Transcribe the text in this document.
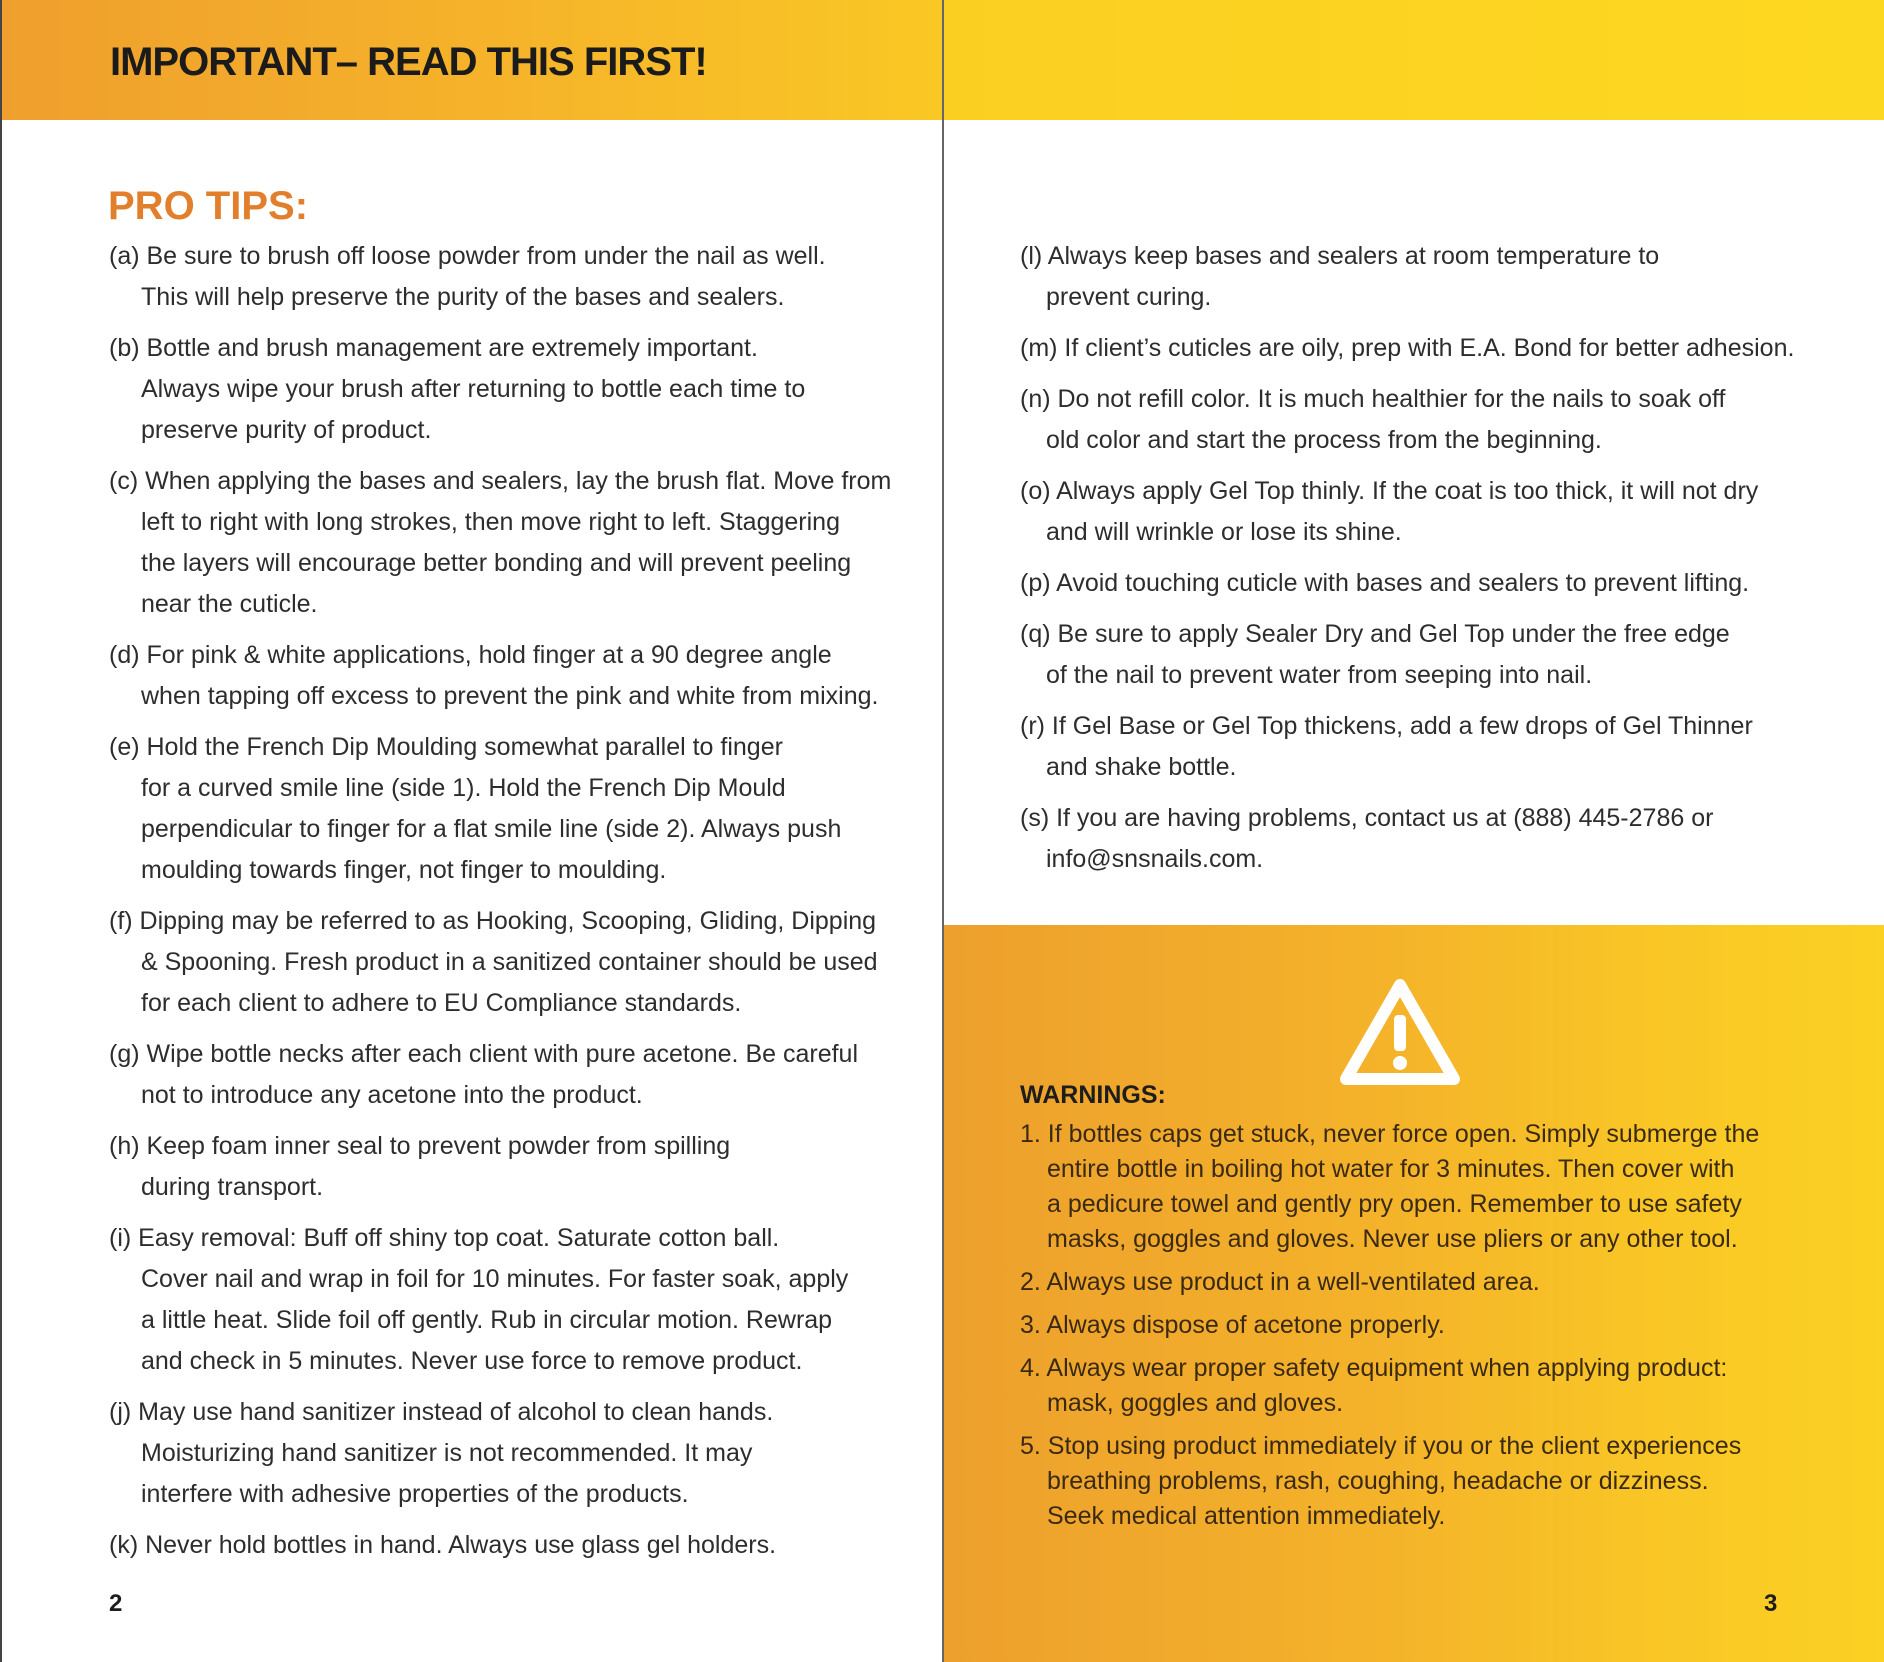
IMPORTANT– READ THIS FIRST!
PRO TIPS:

(a) Be sure to brush off loose powder from under the nail as well.
This will help preserve the purity of the bases and sealers.

(b) Bottle and brush management are extremely important.
Always wipe your brush after returning to bottle each time to
preserve purity of product.

(c) When applying the bases and sealers, lay the brush flat. Move from
left to right with long strokes, then move right to left. Staggering
the layers will encourage better bonding and will prevent peeling
near the cuticle.

(d) For pink & white applications, hold finger at a 90 degree angle
when tapping off excess to prevent the pink and white from mixing.

(e) Hold the French Dip Moulding somewhat parallel to finger
for a curved smile line (side 1). Hold the French Dip Mould
perpendicular to finger for a flat smile line (side 2). Always push
moulding towards finger, not finger to moulding.

(f) Dipping may be referred to as Hooking, Scooping, Gliding, Dipping
& Spooning. Fresh product in a sanitized container should be used
for each client to adhere to EU Compliance standards.

(g) Wipe bottle necks after each client with pure acetone. Be careful
not to introduce any acetone into the product.

(h) Keep foam inner seal to prevent powder from spilling
during transport.

(i) Easy removal: Buff off shiny top coat. Saturate cotton ball.
Cover nail and wrap in foil for 10 minutes. For faster soak, apply
a little heat. Slide foil off gently. Rub in circular motion. Rewrap
and check in 5 minutes. Never use force to remove product.

(j) May use hand sanitizer instead of alcohol to clean hands.
Moisturizing hand sanitizer is not recommended. It may
interfere with adhesive properties of the products.

(k) Never hold bottles in hand. Always use glass gel holders.

2

(l) Always keep bases and sealers at room temperature to
prevent curing.

(m) If client’s cuticles are oily, prep with E.A. Bond for better adhesion.

(n) Do not refill color. It is much healthier for the nails to soak off
old color and start the process from the beginning.

(o) Always apply Gel Top thinly. If the coat is too thick, it will not dry
and will wrinkle or lose its shine.

(p) Avoid touching cuticle with bases and sealers to prevent lifting.

(q) Be sure to apply Sealer Dry and Gel Top under the free edge
of the nail to prevent water from seeping into nail.

(r) If Gel Base or Gel Top thickens, add a few drops of Gel Thinner
and shake bottle.

(s) If you are having problems, contact us at (888) 445-2786 or
info@snsnails.com.

WARNINGS:
1. If bottles caps get stuck, never force open. Simply submerge the
entire bottle in boiling hot water for 3 minutes. Then cover with
a pedicure towel and gently pry open. Remember to use safety
masks, goggles and gloves. Never use pliers or any other tool.
2. Always use product in a well-ventilated area.
3. Always dispose of acetone properly.
4. Always wear proper safety equipment when applying product:
mask, goggles and gloves.
5. Stop using product immediately if you or the client experiences
breathing problems, rash, coughing, headache or dizziness.
Seek medical attention immediately.
3
